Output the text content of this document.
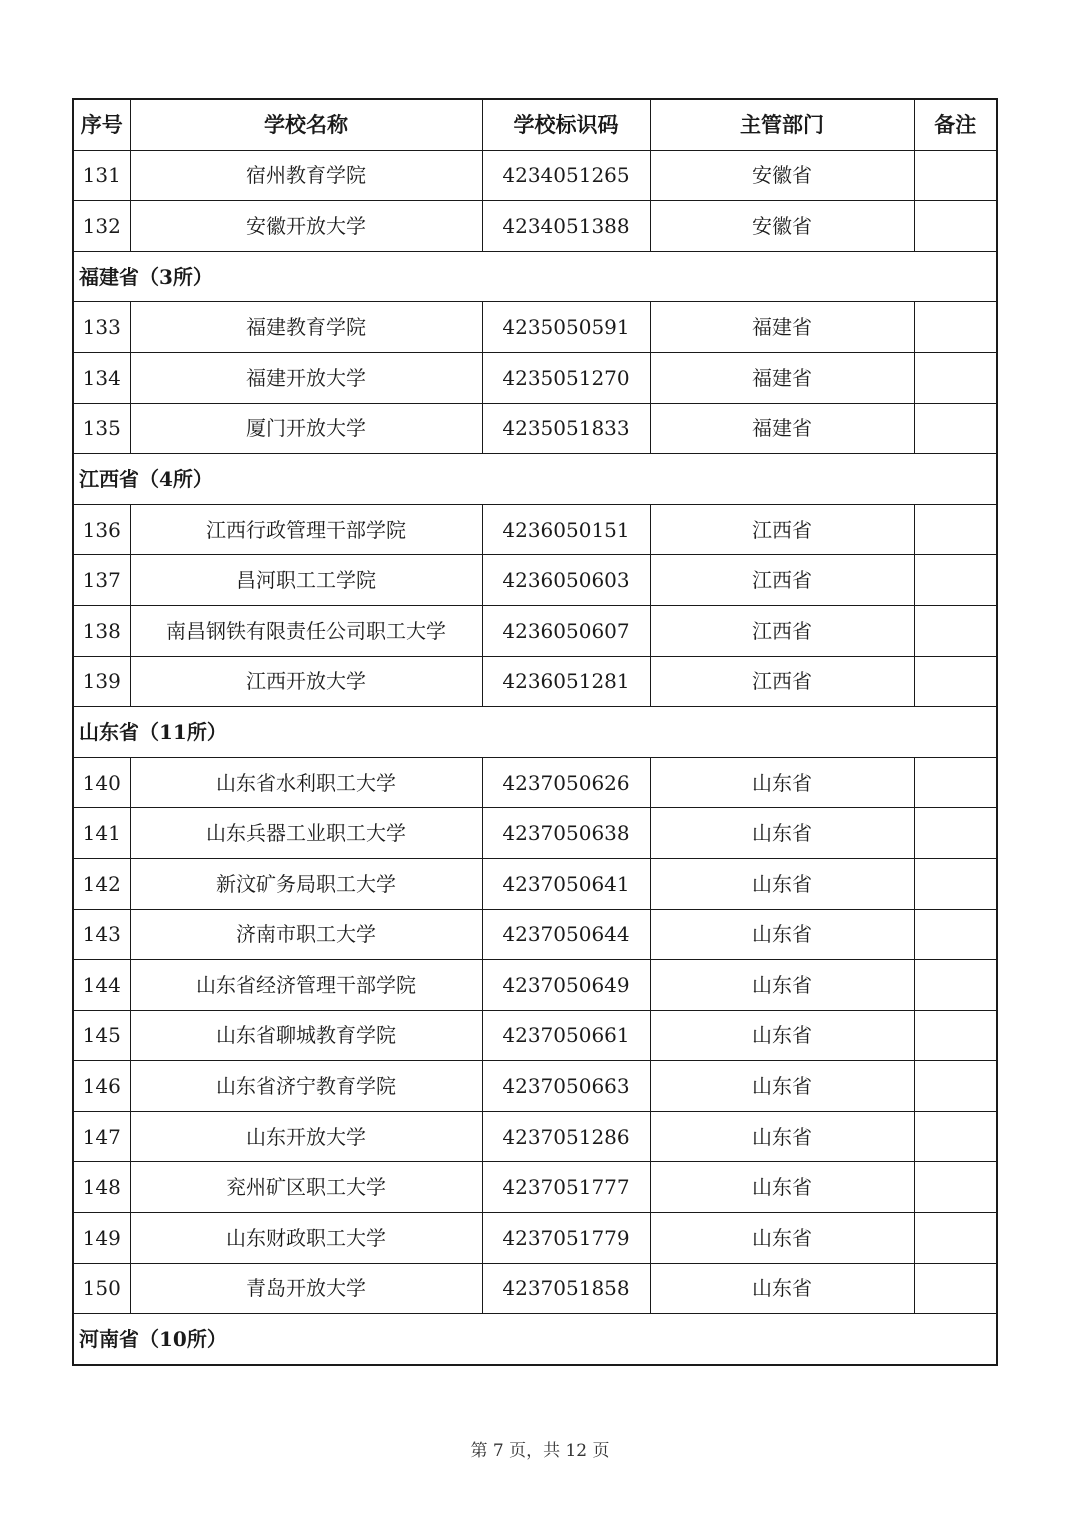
序号	学校名称	学校标识码	主管部门	备注
131	宿州教育学院	4234051265	安徽省	
132	安徽开放大学	4234051388	安徽省	
福建省（3所）				
133	福建教育学院	4235050591	福建省	
134	福建开放大学	4235051270	福建省	
135	厦门开放大学	4235051833	福建省	
江西省（4所）				
136	江西行政管理干部学院	4236050151	江西省	
137	昌河职工工学院	4236050603	江西省	
138	南昌钢铁有限责任公司职工大学	4236050607	江西省	
139	江西开放大学	4236051281	江西省	
山东省（11所）				
140	山东省水利职工大学	4237050626	山东省	
141	山东兵器工业职工大学	4237050638	山东省	
142	新汶矿务局职工大学	4237050641	山东省	
143	济南市职工大学	4237050644	山东省	
144	山东省经济管理干部学院	4237050649	山东省	
145	山东省聊城教育学院	4237050661	山东省	
146	山东省济宁教育学院	4237050663	山东省	
147	山东开放大学	4237051286	山东省	
148	兖州矿区职工大学	4237051777	山东省	
149	山东财政职工大学	4237051779	山东省	
150	青岛开放大学	4237051858	山东省	
河南省（10所）				
第 7 页，共 12 页
